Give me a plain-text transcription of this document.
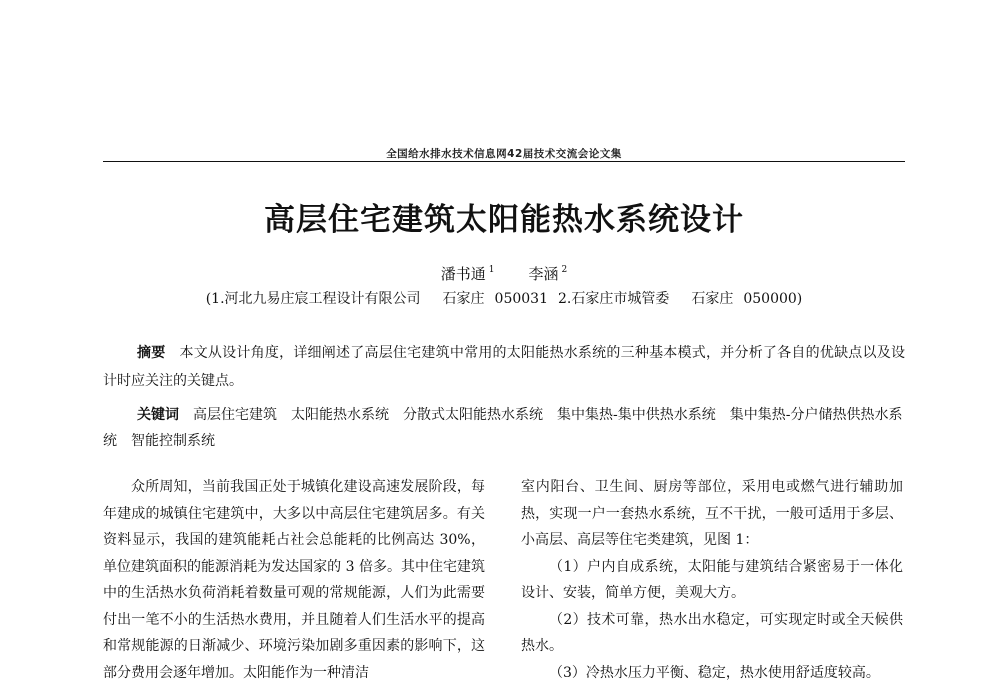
全国给水排水技术信息网42届技术交流会论文集
高层住宅建筑太阳能热水系统设计
潘书通 $^1$ 李涵 $^2$
(1.河北九易庄宸工程设计有限公司 石家庄 050031 2.石家庄市城管委 石家庄 050000)
摘要 本文从设计角度，详细阐述了高层住宅建筑中常用的太阳能热水系统的三种基本模式，并分析了各自的优缺点以及设计时应关注的关键点。
关键词 高层住宅建筑 太阳能热水系统 分散式太阳能热水系统 集中集热-集中供热水系统 集中集热-分户储热供热水系统 智能控制系统

众所周知，当前我国正处于城镇化建设高速发展阶段，每年建成的城镇住宅建筑中，大多以中高层住宅建筑居多。有关资料显示，我国的建筑能耗占社会总能耗的比例高达 30%，单位建筑面积的能源消耗为发达国家的 3 倍多。其中住宅建筑中的生活热水负荷消耗着数量可观的常规能源，人们为此需要付出一笔不小的生活热水费用，并且随着人们生活水平的提高和常规能源的日渐减少、环境污染加剧多重因素的影响下，这部分费用会逐年增加。太阳能作为一种清洁

室内阳台、卫生间、厨房等部位，采用电或燃气进行辅助加热，实现一户一套热水系统，互不干扰，一般可适用于多层、小高层、高层等住宅类建筑，见图 1：

（1）户内自成系统，太阳能与建筑结合紧密易于一体化设计、安装，简单方便，美观大方。

（2）技术可靠，热水出水稳定，可实现定时或全天候供热水。

（3）冷热水压力平衡、稳定，热水使用舒适度较高。
